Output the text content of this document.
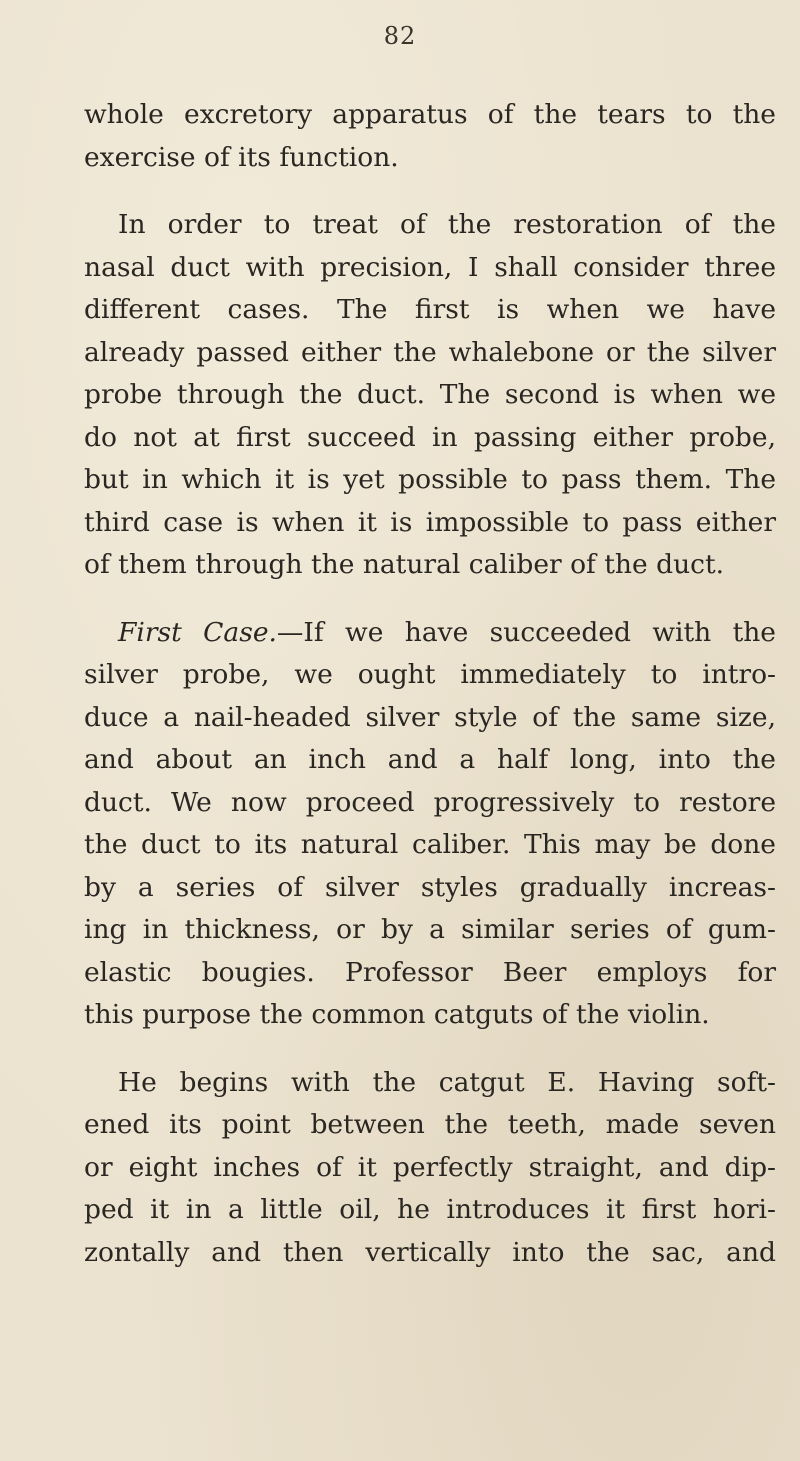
82
whole excretory apparatus of the tears to the
exercise of its function.
In order to treat of the restoration of the
nasal duct with precision, I shall consider three
different cases. The first is when we have
already passed either the whalebone or the silver
probe through the duct. The second is when we
do not at first succeed in passing either probe,
but in which it is yet possible to pass them. The
third case is when it is impossible to pass either
of them through the natural caliber of the duct.
First Case.—If we have succeeded with the
silver probe, we ought immediately to intro-
duce a nail-headed silver style of the same size,
and about an inch and a half long, into the
duct. We now proceed progressively to restore
the duct to its natural caliber. This may be done
by a series of silver styles gradually increas-
ing in thickness, or by a similar series of gum-
elastic bougies. Professor Beer employs for
this purpose the common catguts of the violin.
He begins with the catgut E. Having soft-
ened its point between the teeth, made seven
or eight inches of it perfectly straight, and dip-
ped it in a little oil, he introduces it first hori-
zontally and then vertically into the sac, and
